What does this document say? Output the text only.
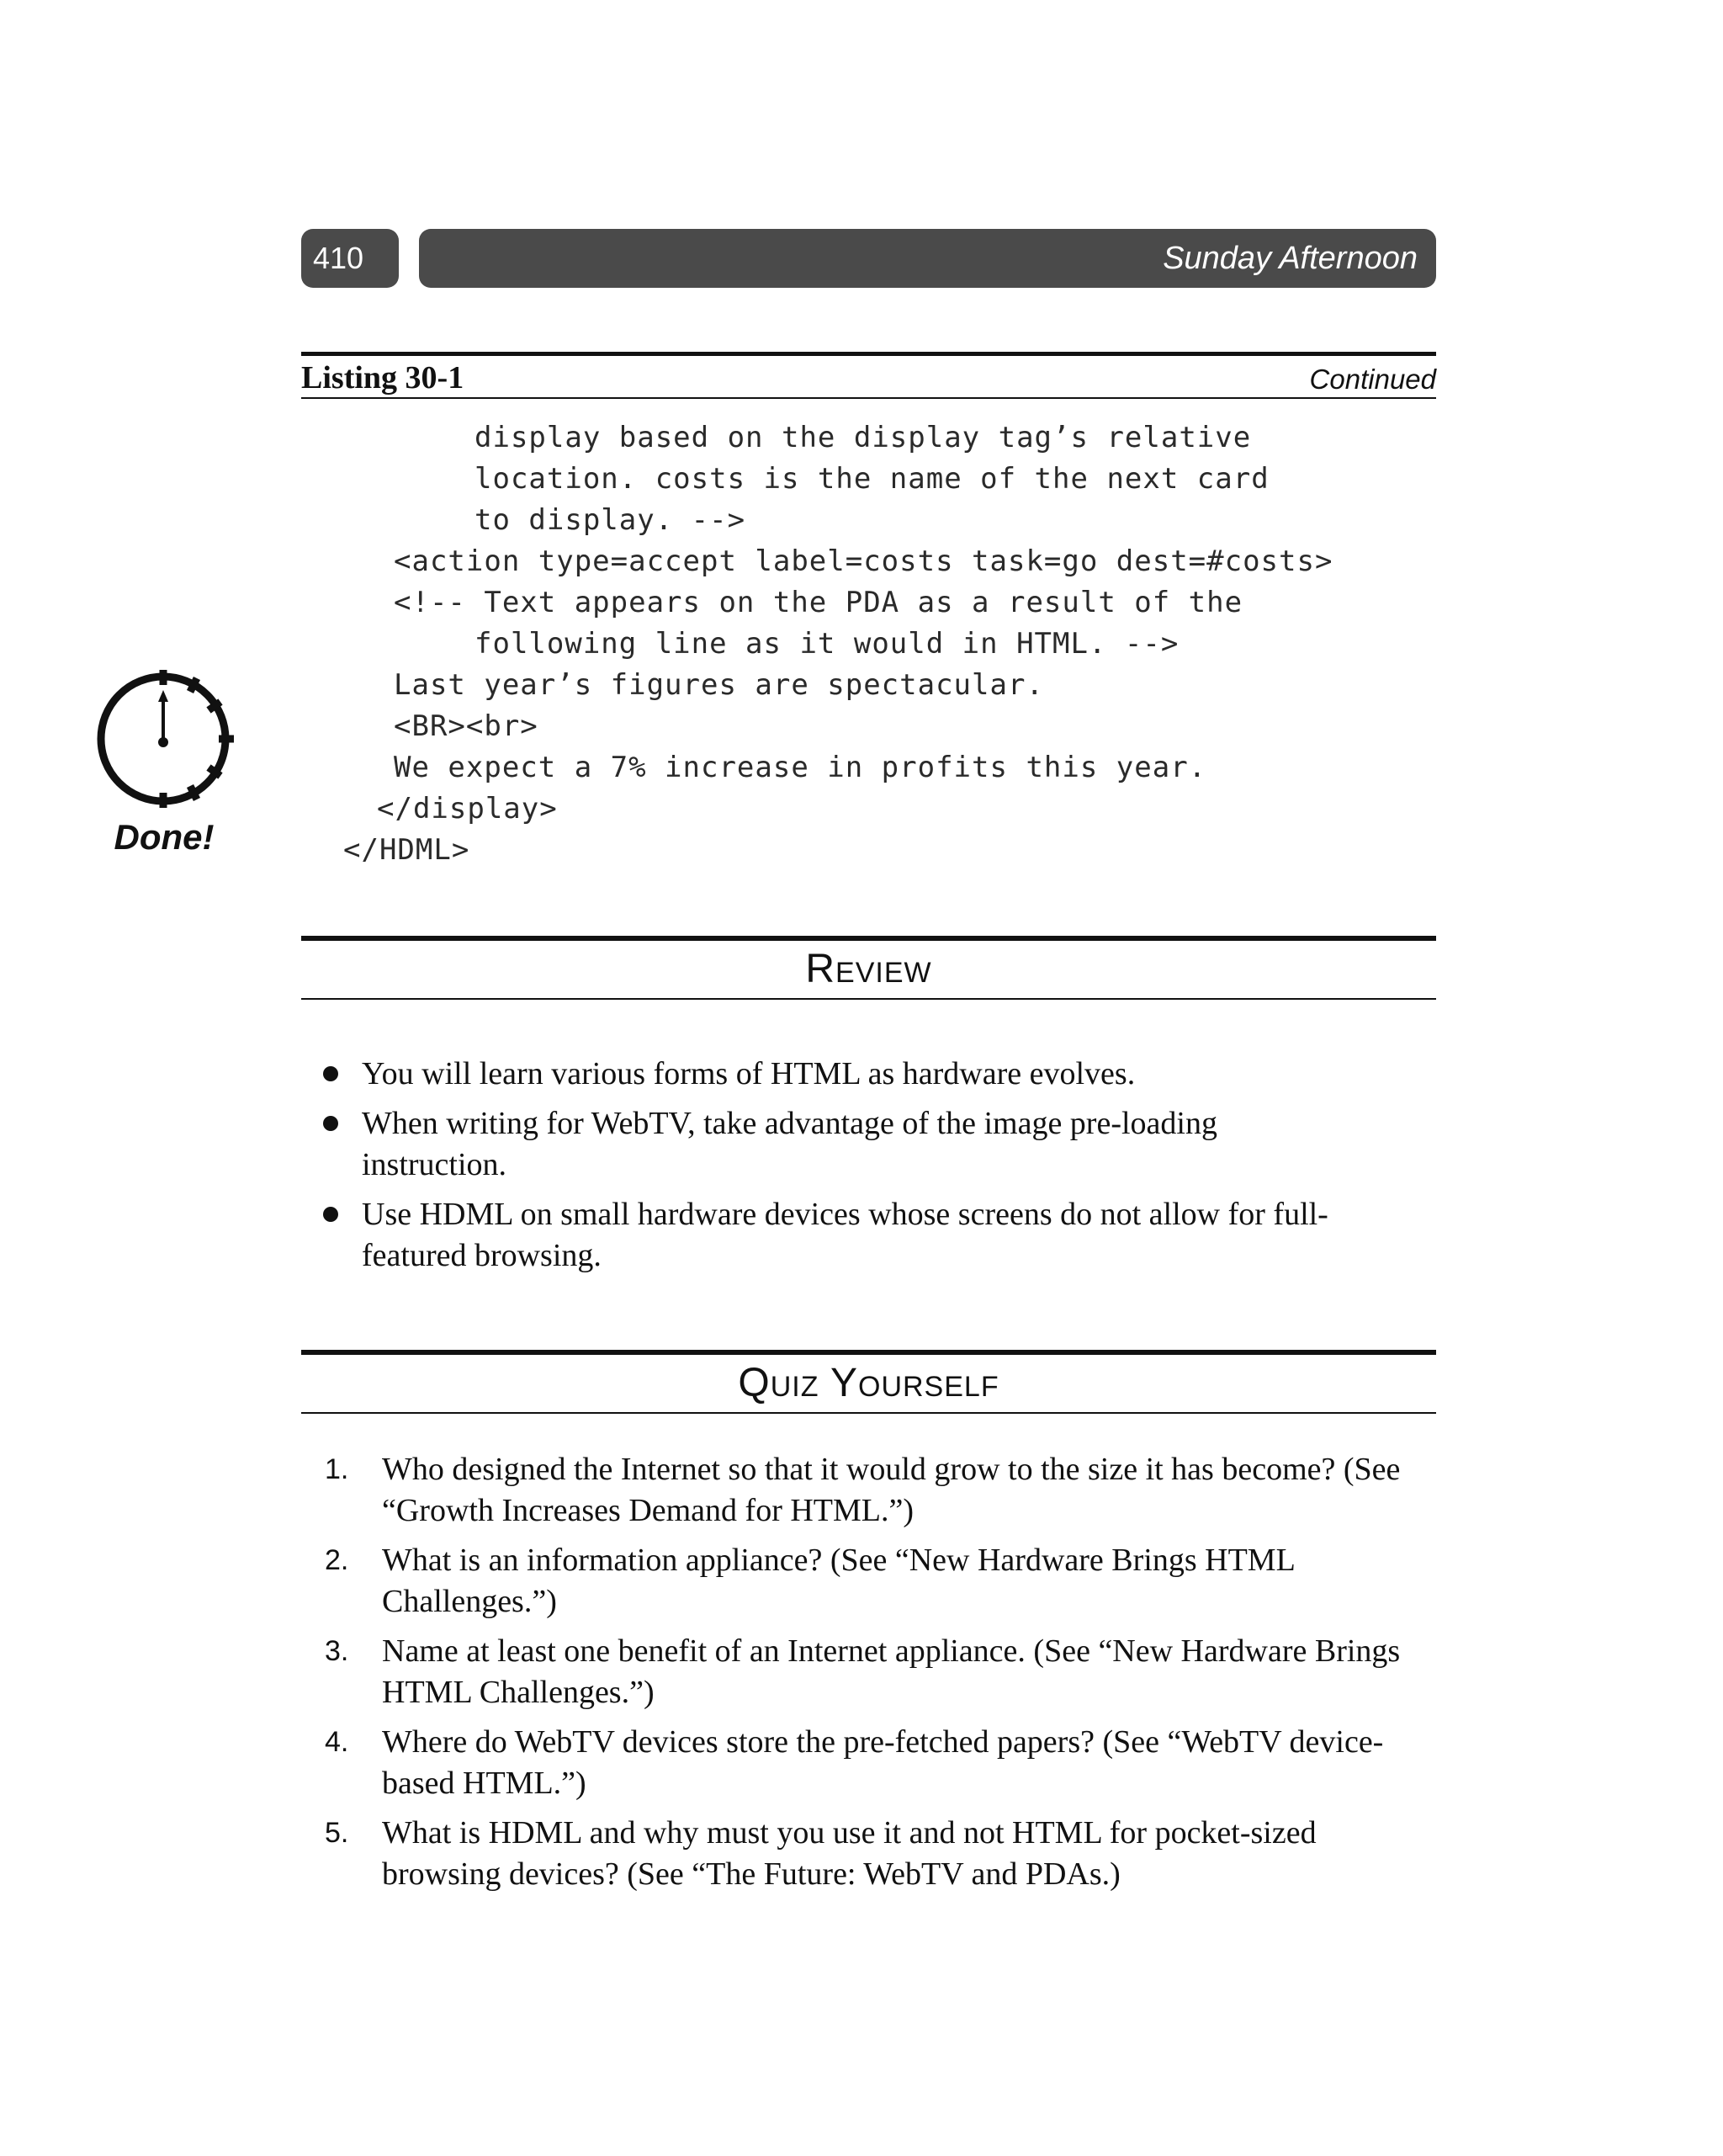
410	Sunday Afternoon
Listing 30-1	Continued
display based on the display tag’s relative
location. costs is the name of the next card
to display. -->
<action type=accept label=costs task=go dest=#costs>
<!-- Text appears on the PDA as a result of the
following line as it would in HTML. -->
Last year’s figures are spectacular.
<BR><br>
We expect a 7% increase in profits this year.
</display>
</HDML>
Done!
Review
You will learn various forms of HTML as hardware evolves.
When writing for WebTV, take advantage of the image pre-loading instruction.
Use HDML on small hardware devices whose screens do not allow for full-featured browsing.
Quiz Yourself
1. Who designed the Internet so that it would grow to the size it has become? (See “Growth Increases Demand for HTML.”)
2. What is an information appliance? (See “New Hardware Brings HTML Challenges.”)
3. Name at least one benefit of an Internet appliance. (See “New Hardware Brings HTML Challenges.”)
4. Where do WebTV devices store the pre-fetched papers? (See “WebTV device-based HTML.”)
5. What is HDML and why must you use it and not HTML for pocket-sized browsing devices? (See “The Future: WebTV and PDAs.)
